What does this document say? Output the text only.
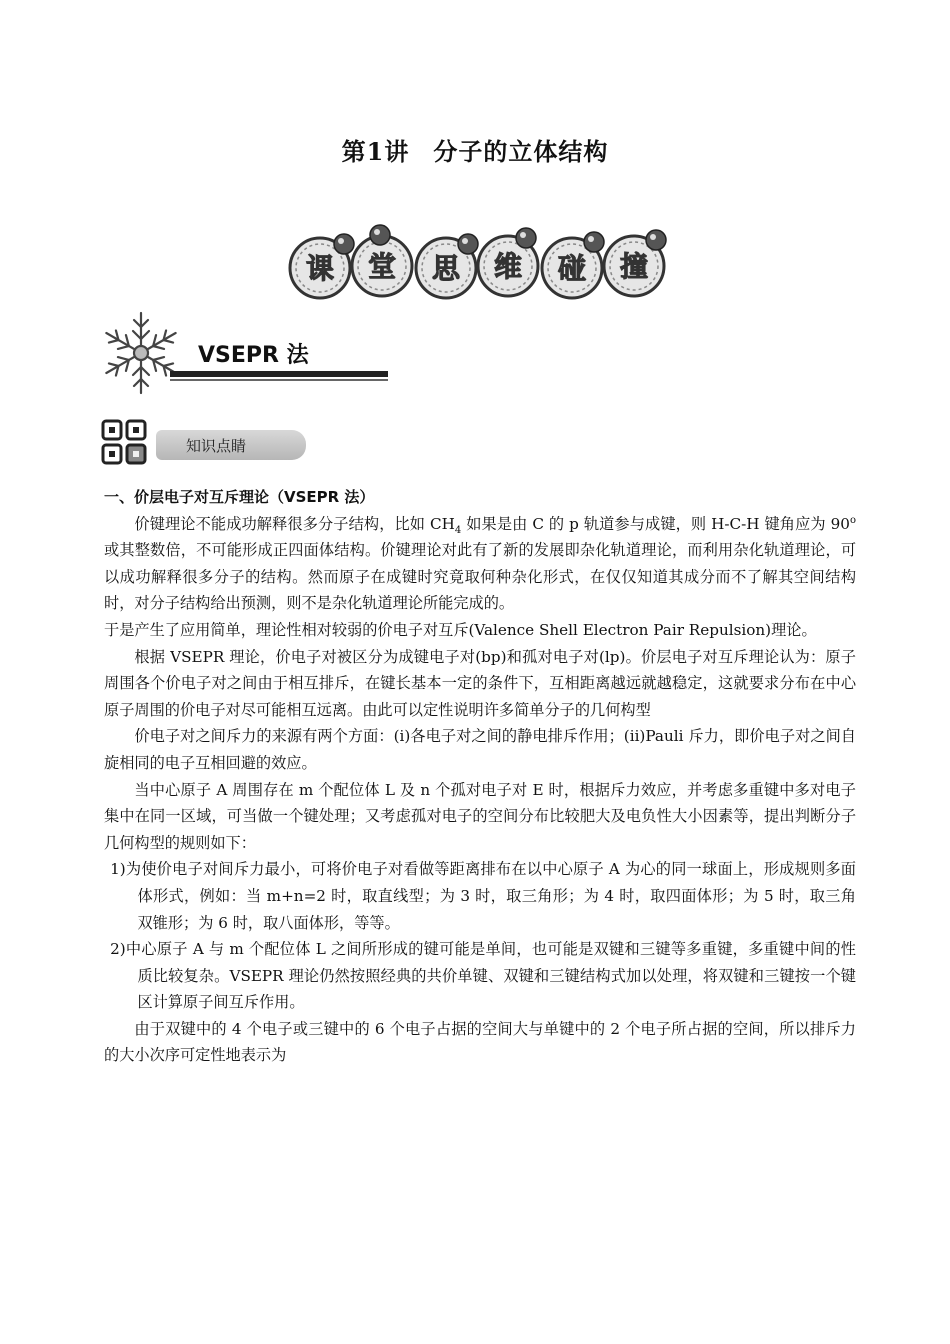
第1讲 分子的立体结构
课 堂 思 维 碰 撞
VSEPR 法
知识点睛

一、价层电子对互斥理论（VSEPR 法）

价键理论不能成功解释很多分子结构，比如 $CH_4$ 如果是由 C 的 p 轨道参与成键，则 H-C-H 键角应为 90$^o$ 或其整数倍，不可能形成正四面体结构。价键理论对此有了新的发展即杂化轨道理论，而利用杂化轨道理论，可以成功解释很多分子的结构。然而原子在成键时究竟取何种杂化形式，在仅仅知道其成分而不了解其空间结构时，对分子结构给出预测，则不是杂化轨道理论所能完成的。

于是产生了应用简单，理论性相对较弱的价电子对互斥(Valence Shell Electron Pair Repulsion)理论。

根据 VSEPR 理论，价电子对被区分为成键电子对(bp)和孤对电子对(lp)。价层电子对互斥理论认为：原子周围各个价电子对之间由于相互排斥，在键长基本一定的条件下，互相距离越远就越稳定，这就要求分布在中心原子周围的价电子对尽可能相互远离。由此可以定性说明许多简单分子的几何构型

价电子对之间斥力的来源有两个方面：(i)各电子对之间的静电排斥作用；(ii)Pauli 斥力，即价电子对之间自旋相同的电子互相回避的效应。

当中心原子 A 周围存在 m 个配位体 L 及 n 个孤对电子对 E 时，根据斥力效应，并考虑多重键中多对电子集中在同一区域，可当做一个键处理；又考虑孤对电子的空间分布比较肥大及电负性大小因素等，提出判断分子几何构型的规则如下：

1)为使价电子对间斥力最小，可将价电子对看做等距离排布在以中心原子 A 为心的同一球面上，形成规则多面体形式，例如：当 m+n=2 时，取直线型；为 3 时，取三角形；为 4 时，取四面体形；为 5 时，取三角双锥形；为 6 时，取八面体形，等等。

2)中心原子 A 与 m 个配位体 L 之间所形成的键可能是单间，也可能是双键和三键等多重键，多重键中间的性质比较复杂。VSEPR 理论仍然按照经典的共价单键、双键和三键结构式加以处理，将双键和三键按一个键区计算原子间互斥作用。

由于双键中的 4 个电子或三键中的 6 个电子占据的空间大与单键中的 2 个电子所占据的空间，所以排斥力的大小次序可定性地表示为
